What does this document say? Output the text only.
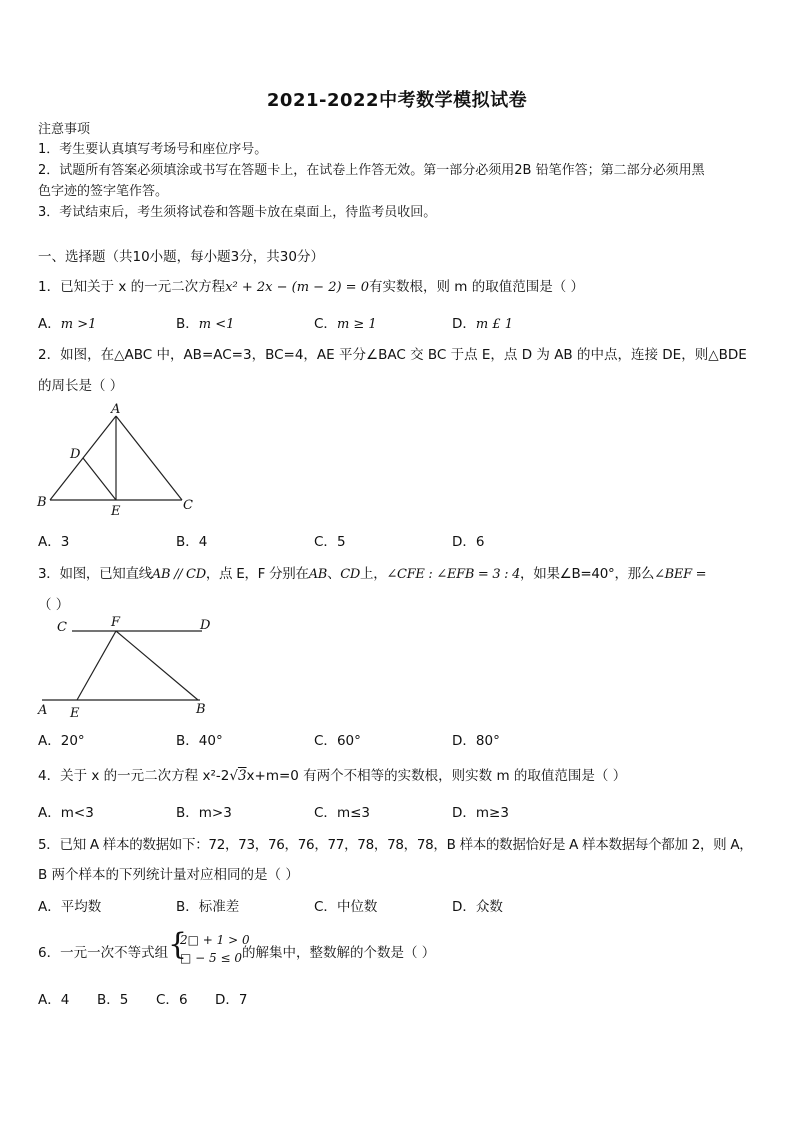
2021-2022中考数学模拟试卷
注意事项
1．考生要认真填写考场号和座位序号。
2．试题所有答案必须填涂或书写在答题卡上，在试卷上作答无效。第一部分必须用2B 铅笔作答；第二部分必须用黑
色字迹的签字笔作答。
3．考试结束后，考生须将试卷和答题卡放在桌面上，待监考员收回。
一、选择题（共10小题，每小题3分，共30分）
1．已知关于 x 的一元二次方程x² + 2x − (m − 2) = 0有实数根，则 m 的取值范围是（ ）
A．m >1	B．m <1	C．m ≥ 1	D．m £ 1
2．如图，在△ABC 中，AB=AC=3，BC=4，AE 平分∠BAC 交 BC 于点 E，点 D 为 AB 的中点，连接 DE，则△BDE
的周长是（ ）
A
B	C
D
E
A．3	B．4	C．5	D．6
3．如图，已知直线AB // CD，点 E，F 分别在AB、CD上，∠CFE : ∠EFB = 3 : 4，如果∠B=40°，那么∠BEF =
（ ）
C	F	D
A E	B
A．20°	B．40°	C．60°	D．80°
4．关于 x 的一元二次方程 x²-2√3x+m=0 有两个不相等的实数根，则实数 m 的取值范围是（ ）
A．m<3	B．m>3	C．m≤3	D．m≥3
5．已知 A 样本的数据如下：72，73，76，76，77，78，78，78，B 样本的数据恰好是 A 样本数据每个都加 2，则 A，
B 两个样本的下列统计量对应相同的是（ ）
A．平均数	B．标准差	C．中位数	D．众数
6．一元一次不等式组 {
2□ + 1 > 0
□ − 5 ≤ 0 的解集中，整数解的个数是（ ）
A．4 B．5 C．6 D．7
